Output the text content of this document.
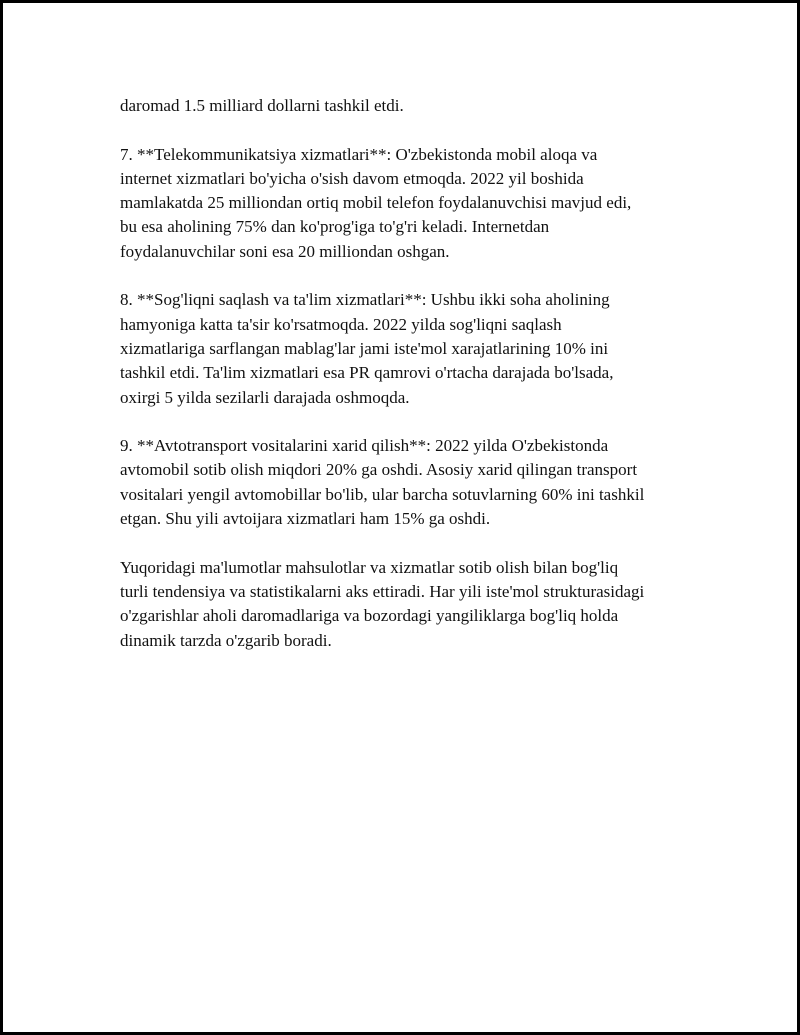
daromad 1.5 milliard dollarni tashkil etdi.
7. **Telekommunikatsiya xizmatlari**: O'zbekistonda mobil aloqa va
internet xizmatlari bo'yicha o'sish davom etmoqda. 2022 yil boshida
mamlakatda 25 milliondan ortiq mobil telefon foydalanuvchisi mavjud edi,
bu esa aholining 75% dan ko'prog'iga to'g'ri keladi. Internetdan
foydalanuvchilar soni esa 20 milliondan oshgan.
8. **Sog'liqni saqlash va ta'lim xizmatlari**: Ushbu ikki soha aholining
hamyoniga katta ta'sir ko'rsatmoqda. 2022 yilda sog'liqni saqlash
xizmatlariga sarflangan mablag'lar jami iste'mol xarajatlarining 10% ini
tashkil etdi. Ta'lim xizmatlari esa PR qamrovi o'rtacha darajada bo'lsada,
oxirgi 5 yilda sezilarli darajada oshmoqda.
9. **Avtotransport vositalarini xarid qilish**: 2022 yilda O'zbekistonda
avtomobil sotib olish miqdori 20% ga oshdi. Asosiy xarid qilingan transport
vositalari yengil avtomobillar bo'lib, ular barcha sotuvlarning 60% ini tashkil
etgan. Shu yili avtoijara xizmatlari ham 15% ga oshdi.
Yuqoridagi ma'lumotlar mahsulotlar va xizmatlar sotib olish bilan bog'liq
turli tendensiya va statistikalarni aks ettiradi. Har yili iste'mol strukturasidagi
o'zgarishlar aholi daromadlariga va bozordagi yangiliklarga bog'liq holda
dinamik tarzda o'zgarib boradi.
